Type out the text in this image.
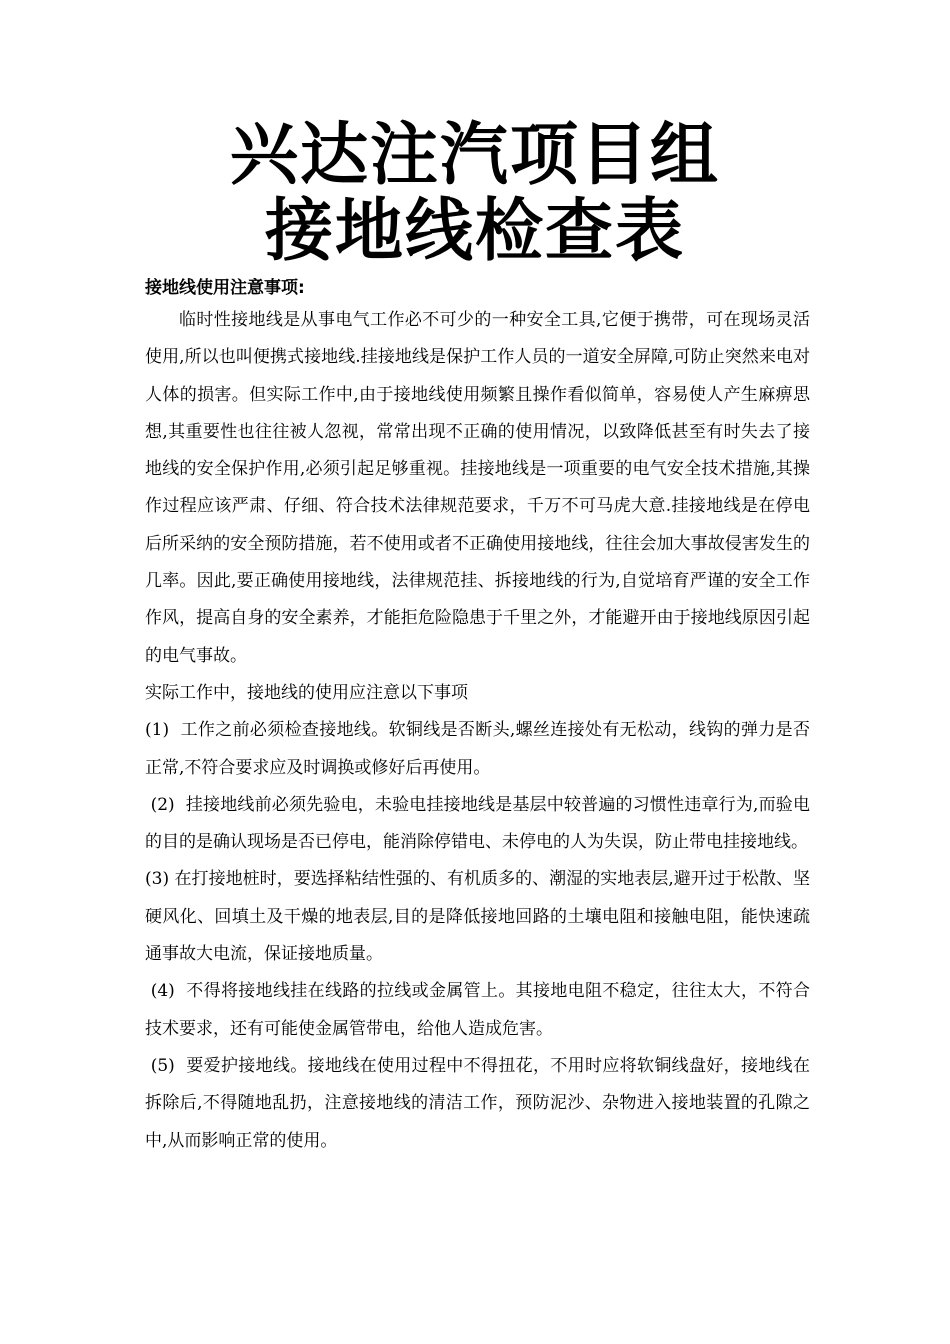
兴达注汽项目组
接地线检查表

接地线使用注意事项:

临时性接地线是从事电气工作必不可少的一种安全工具,它便于携带，可在现场灵活使用,所以也叫便携式接地线.挂接地线是保护工作人员的一道安全屏障,可防止突然来电对人体的损害。但实际工作中,由于接地线使用频繁且操作看似简单，容易使人产生麻痹思想,其重要性也往往被人忽视，常常出现不正确的使用情况，以致降低甚至有时失去了接地线的安全保护作用,必须引起足够重视。挂接地线是一项重要的电气安全技术措施,其操作过程应该严肃、仔细、符合技术法律规范要求，千万不可马虎大意.挂接地线是在停电后所采纳的安全预防措施，若不使用或者不正确使用接地线，往往会加大事故侵害发生的几率。因此,要正确使用接地线，法律规范挂、拆接地线的行为,自觉培育严谨的安全工作作风，提高自身的安全素养，才能拒危险隐患于千里之外，才能避开由于接地线原因引起的电气事故。

实际工作中，接地线的使用应注意以下事项

(1)  工作之前必须检查接地线。软铜线是否断头,螺丝连接处有无松动，线钩的弹力是否正常,不符合要求应及时调换或修好后再使用。

(2)  挂接地线前必须先验电，未验电挂接地线是基层中较普遍的习惯性违章行为,而验电的目的是确认现场是否已停电，能消除停错电、未停电的人为失误，防止带电挂接地线。

(3) 在打接地桩时，要选择粘结性强的、有机质多的、潮湿的实地表层,避开过于松散、坚硬风化、回填土及干燥的地表层,目的是降低接地回路的土壤电阻和接触电阻，能快速疏通事故大电流，保证接地质量。

(4)  不得将接地线挂在线路的拉线或金属管上。其接地电阻不稳定，往往太大，不符合技术要求，还有可能使金属管带电，给他人造成危害。

(5)  要爱护接地线。接地线在使用过程中不得扭花，不用时应将软铜线盘好，接地线在拆除后,不得随地乱扔，注意接地线的清洁工作，预防泥沙、杂物进入接地装置的孔隙之中,从而影响正常的使用。
